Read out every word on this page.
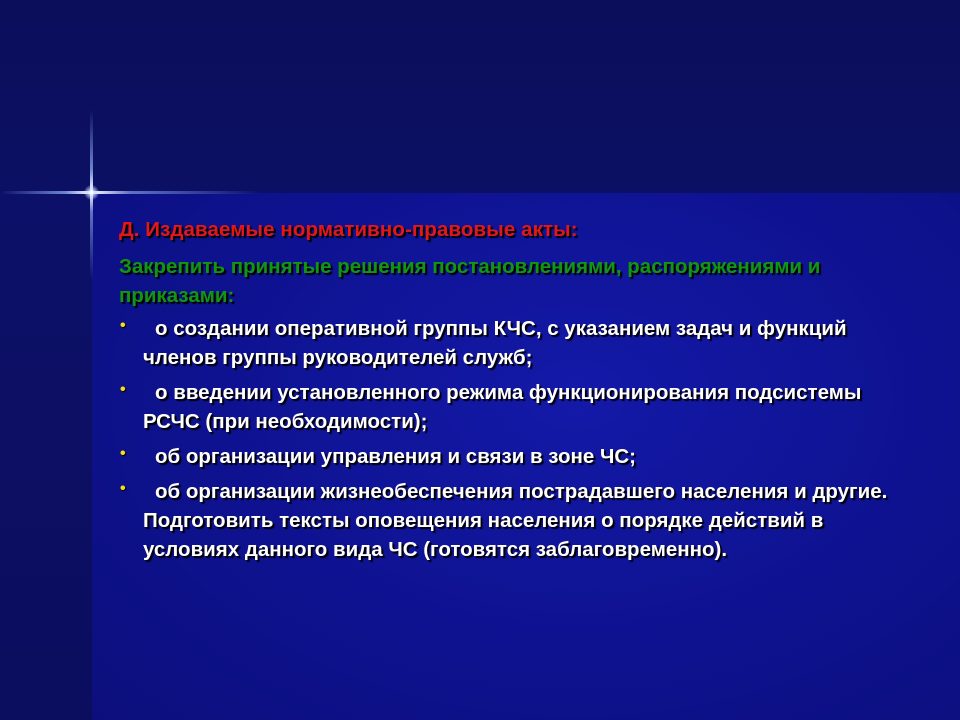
Д. Издаваемые нормативно-правовые акты:
Закрепить принятые решения постановлениями, распоряжениями и приказами:
•	о создании оперативной группы КЧС, с указанием задач и функций членов группы руководителей служб;
•	о введении установленного режима функционирования подсистемы РСЧС (при необходимости);
•	об организации управления и связи в зоне ЧС;
•	об организации жизнеобеспечения пострадавшего населения и другие. Подготовить тексты оповещения населения о порядке действий в условиях данного вида ЧС (готовятся заблаговременно).
